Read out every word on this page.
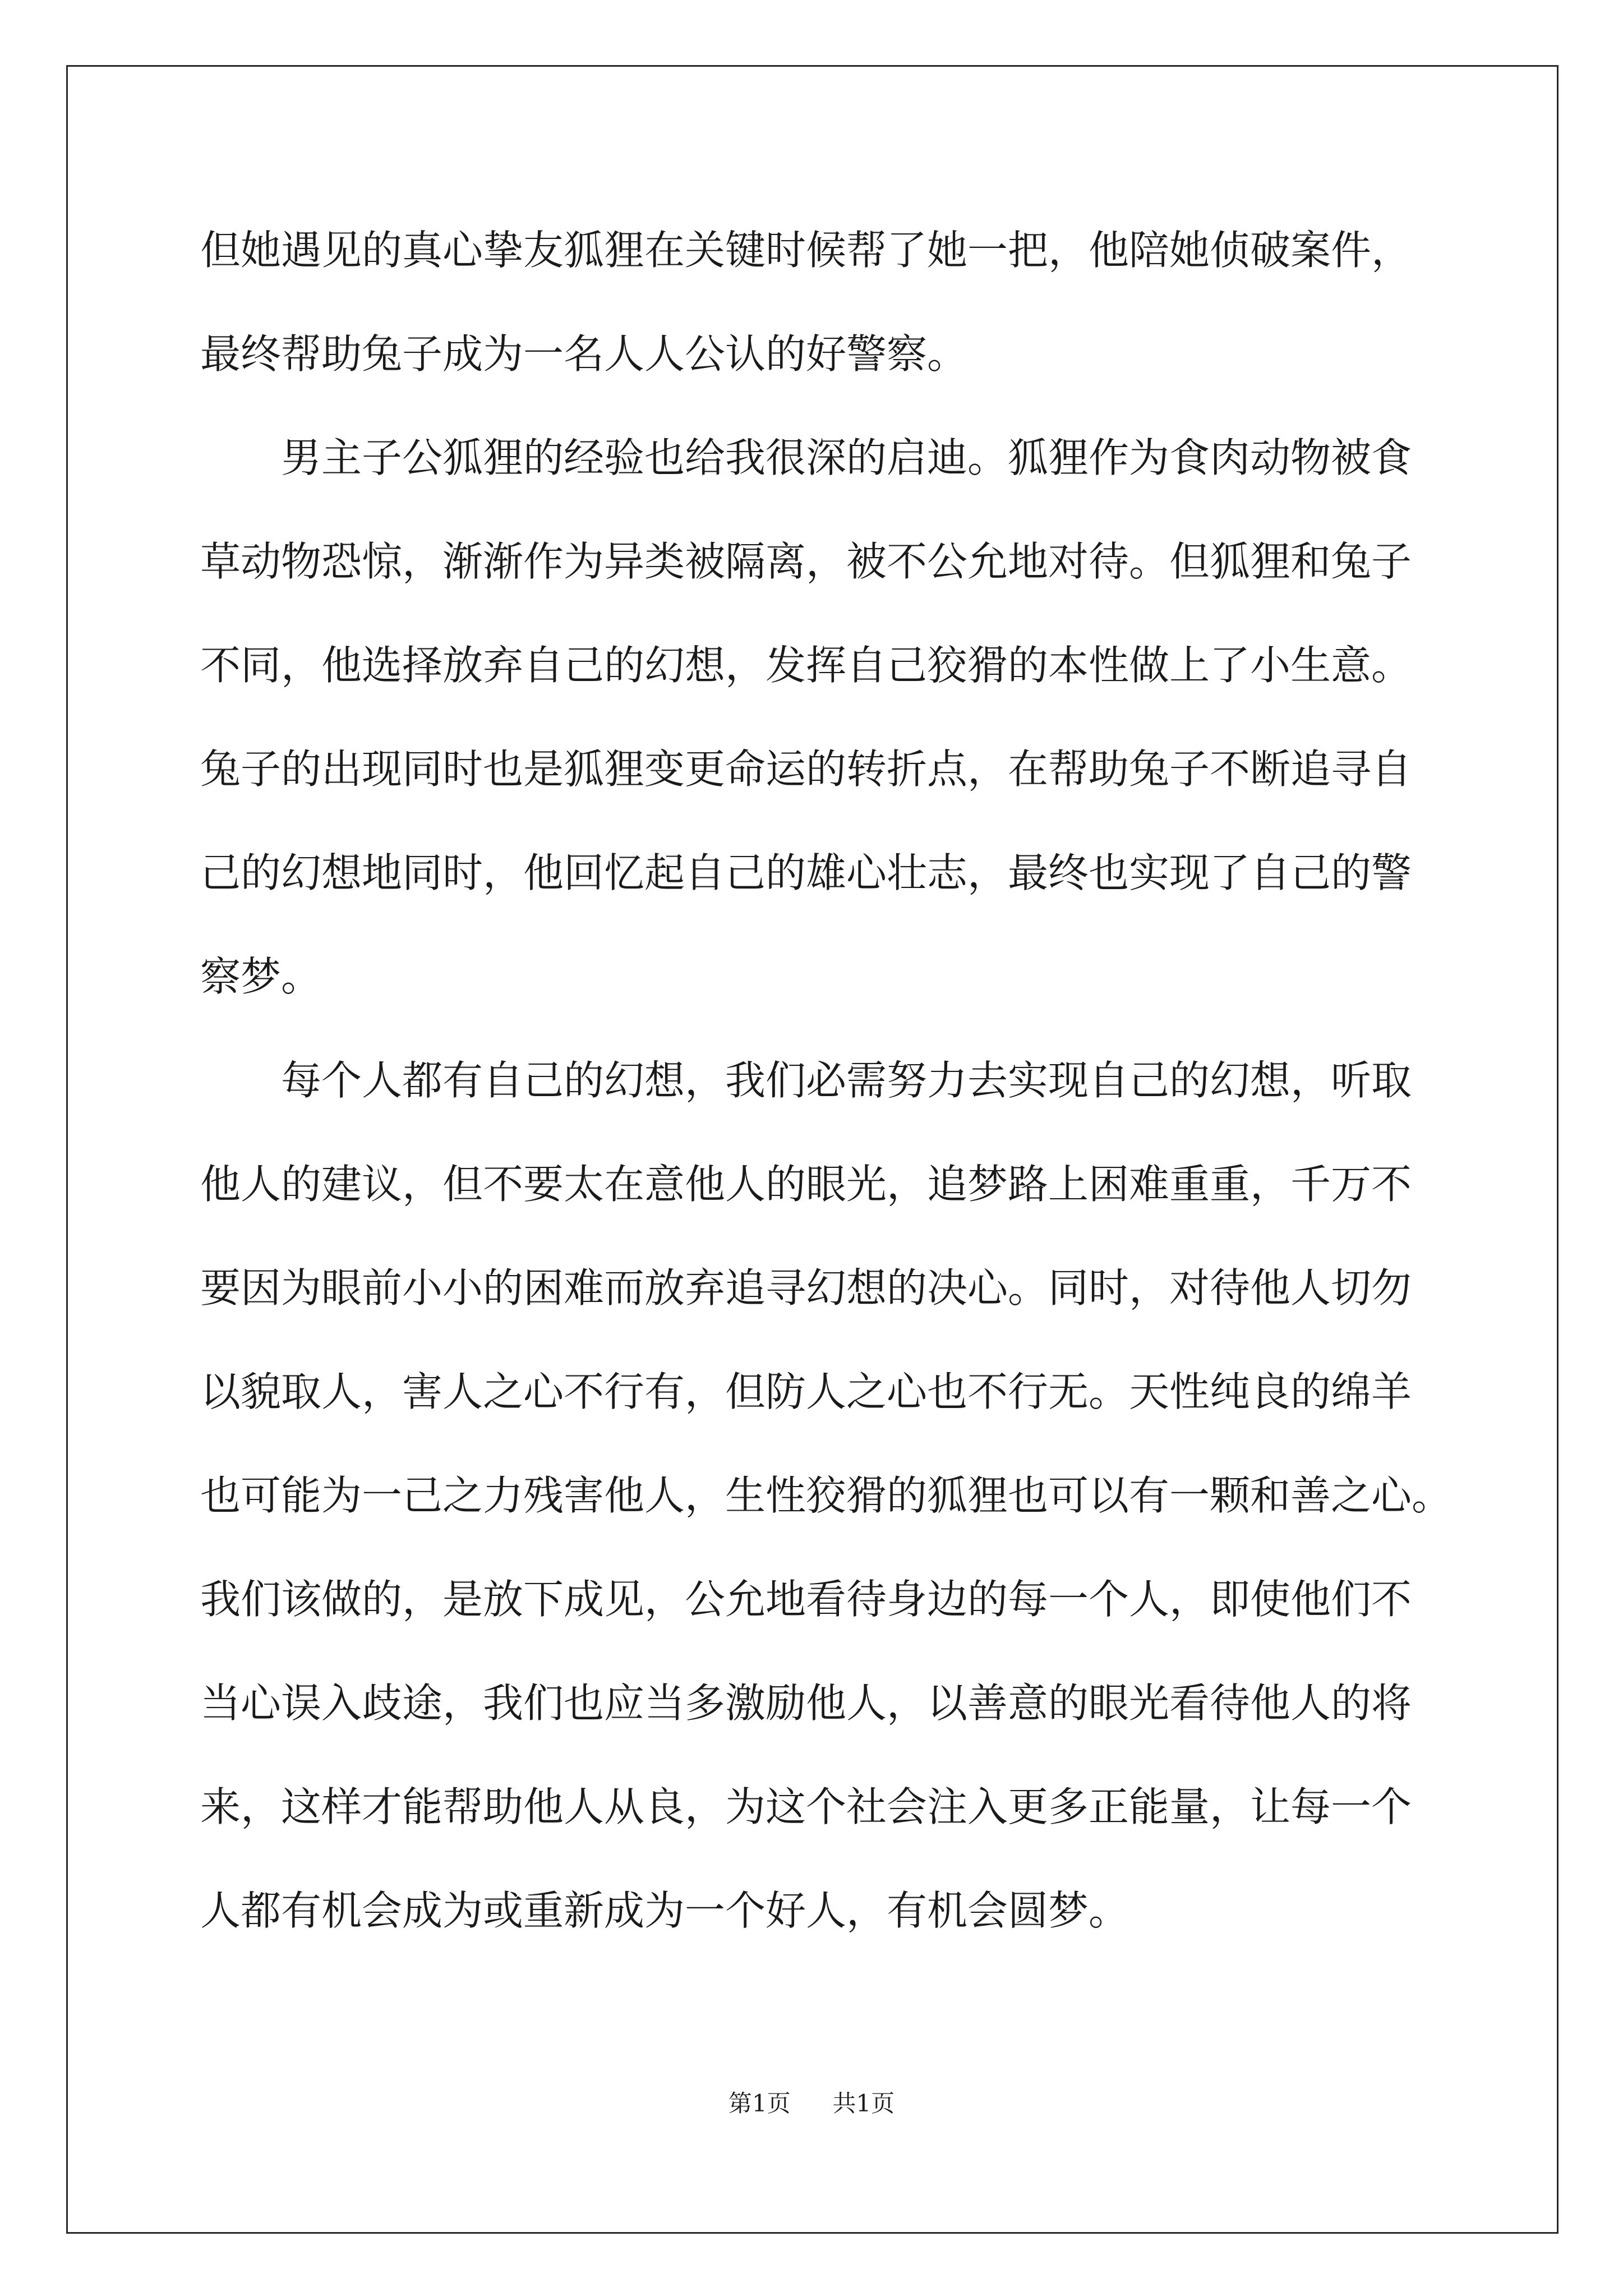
但她遇见的真心挚友狐狸在关键时候帮了她一把，他陪她侦破案件，
最终帮助兔子成为一名人人公认的好警察。
男主子公狐狸的经验也给我很深的启迪。狐狸作为食肉动物被食
草动物恐惊，渐渐作为异类被隔离，被不公允地对待。但狐狸和兔子
不同，他选择放弃自己的幻想，发挥自己狡猾的本性做上了小生意。
兔子的出现同时也是狐狸变更命运的转折点，在帮助兔子不断追寻自
己的幻想地同时，他回忆起自己的雄心壮志，最终也实现了自己的警
察梦。
每个人都有自己的幻想，我们必需努力去实现自己的幻想，听取
他人的建议，但不要太在意他人的眼光，追梦路上困难重重，千万不
要因为眼前小小的困难而放弃追寻幻想的决心。同时，对待他人切勿
以貌取人，害人之心不行有，但防人之心也不行无。天性纯良的绵羊
也可能为一己之力残害他人，生性狡猾的狐狸也可以有一颗和善之心。
我们该做的，是放下成见，公允地看待身边的每一个人，即使他们不
当心误入歧途，我们也应当多激励他人，以善意的眼光看待他人的将
来，这样才能帮助他人从良，为这个社会注入更多正能量，让每一个
人都有机会成为或重新成为一个好人，有机会圆梦。
第1页 共1页
